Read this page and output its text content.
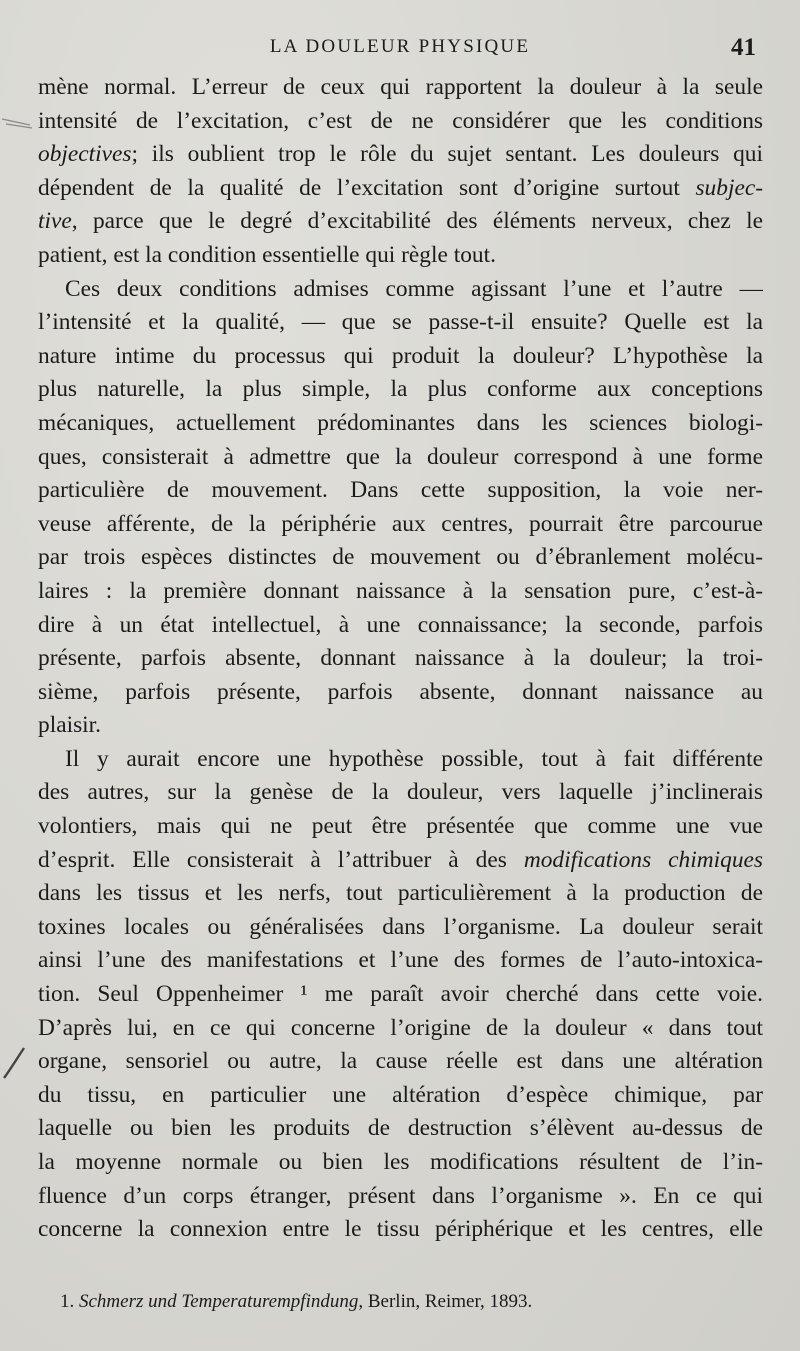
LA DOULEUR PHYSIQUE	41
mène normal. L’erreur de ceux qui rapportent la douleur à la seule
intensité de l’excitation, c’est de ne considérer que les conditions
objectives; ils oublient trop le rôle du sujet sentant. Les douleurs qui
dépendent de la qualité de l’excitation sont d’origine surtout subjec-
tive, parce que le degré d’excitabilité des éléments nerveux, chez le
patient, est la condition essentielle qui règle tout.
Ces deux conditions admises comme agissant l’une et l’autre —
l’intensité et la qualité, — que se passe-t-il ensuite? Quelle est la
nature intime du processus qui produit la douleur? L’hypothèse la
plus naturelle, la plus simple, la plus conforme aux conceptions
mécaniques, actuellement prédominantes dans les sciences biologi-
ques, consisterait à admettre que la douleur correspond à une forme
particulière de mouvement. Dans cette supposition, la voie ner-
veuse afférente, de la périphérie aux centres, pourrait être parcourue
par trois espèces distinctes de mouvement ou d’ébranlement molécu-
laires : la première donnant naissance à la sensation pure, c’est-à-
dire à un état intellectuel, à une connaissance; la seconde, parfois
présente, parfois absente, donnant naissance à la douleur; la troi-
sième, parfois présente, parfois absente, donnant naissance au
plaisir.
Il y aurait encore une hypothèse possible, tout à fait différente
des autres, sur la genèse de la douleur, vers laquelle j’inclinerais
volontiers, mais qui ne peut être présentée que comme une vue
d’esprit. Elle consisterait à l’attribuer à des modifications chimiques
dans les tissus et les nerfs, tout particulièrement à la production de
toxines locales ou généralisées dans l’organisme. La douleur serait
ainsi l’une des manifestations et l’une des formes de l’auto-intoxica-
tion. Seul Oppenheimer ¹ me paraît avoir cherché dans cette voie.
D’après lui, en ce qui concerne l’origine de la douleur « dans tout
organe, sensoriel ou autre, la cause réelle est dans une altération
du tissu, en particulier une altération d’espèce chimique, par
laquelle ou bien les produits de destruction s’élèvent au-dessus de
la moyenne normale ou bien les modifications résultent de l’in-
fluence d’un corps étranger, présent dans l’organisme ». En ce qui
concerne la connexion entre le tissu périphérique et les centres, elle
1. Schmerz und Temperaturempfindung, Berlin, Reimer, 1893.
